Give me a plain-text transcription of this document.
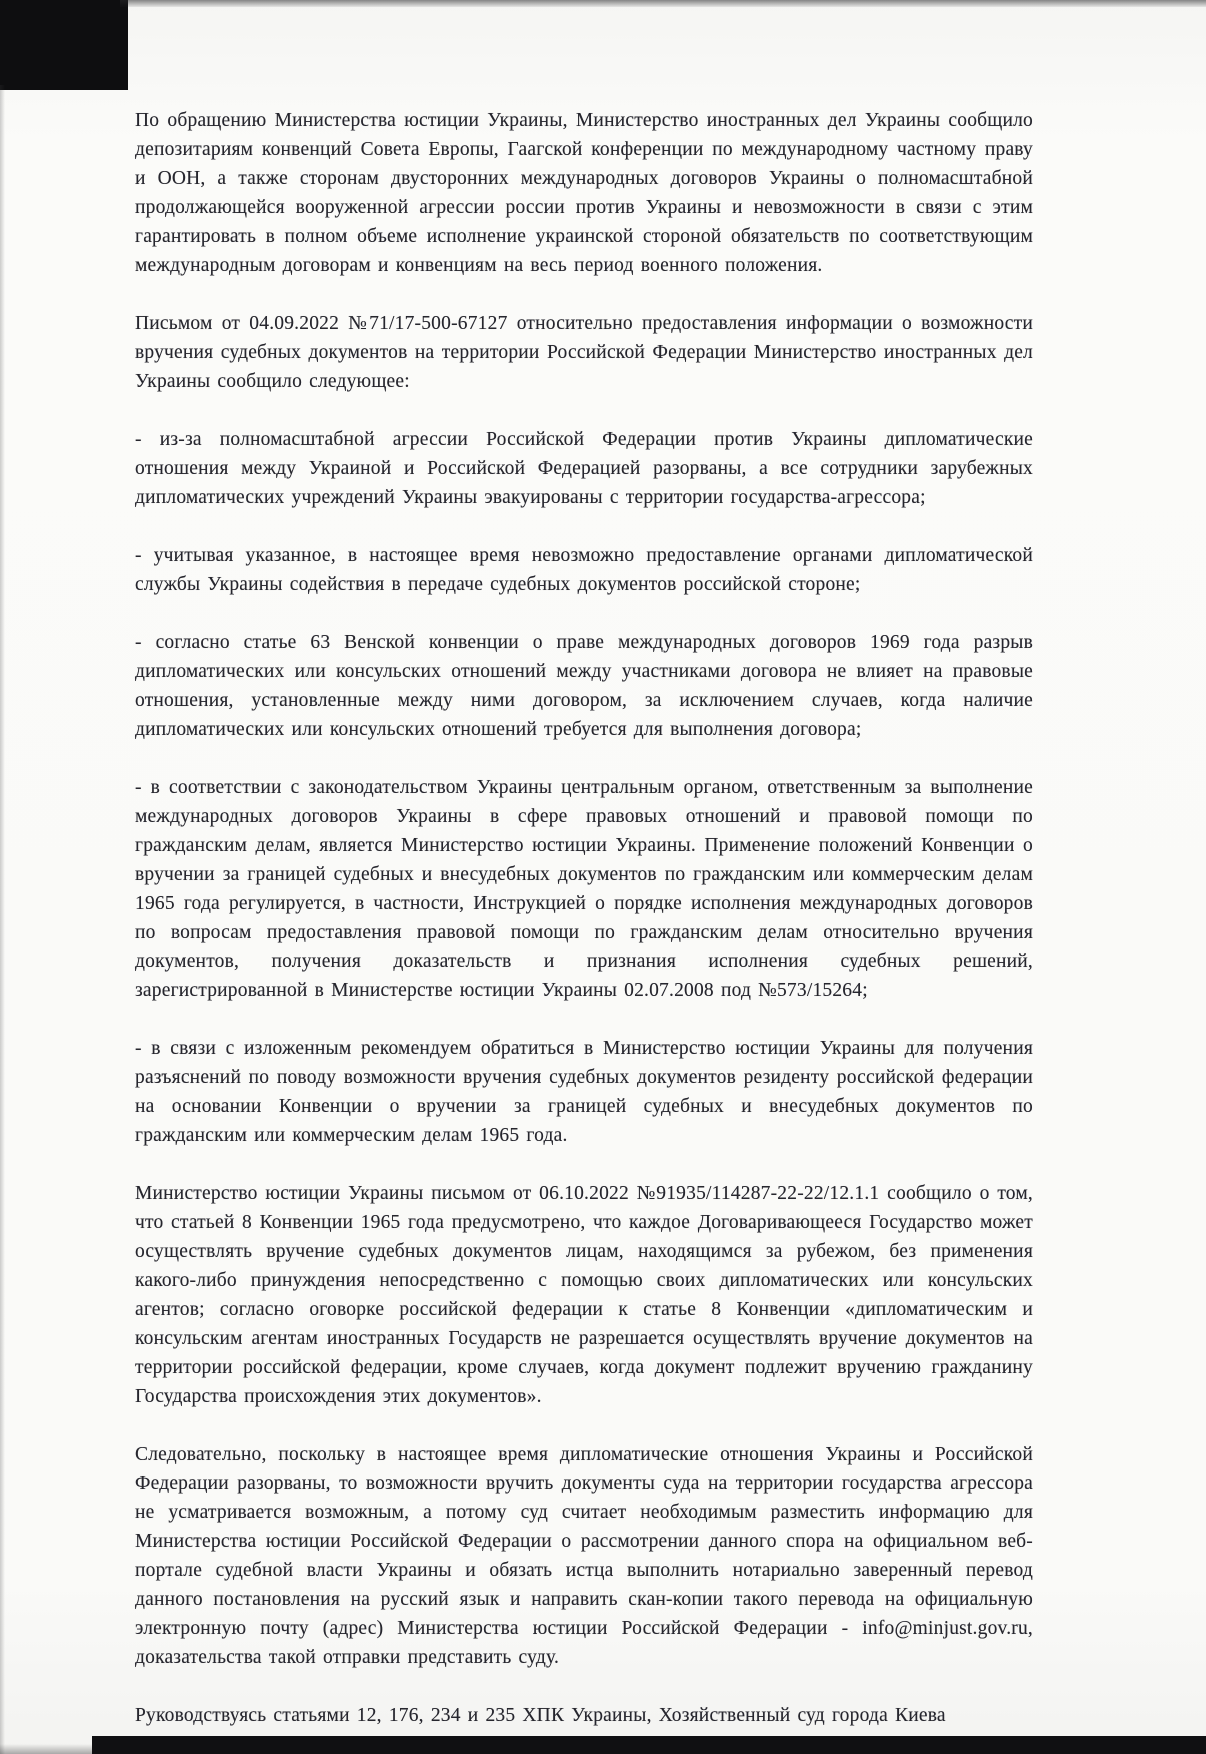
По обращению Министерства юстиции Украины, Министерство иностранных дел Украины сообщило депозитариям конвенций Совета Европы, Гаагской конференции по международному частному праву и ООН, а также сторонам двусторонних международных договоров Украины о полномасштабной продолжающейся вооруженной агрессии россии против Украины и невозможности в связи с этим гарантировать в полном объеме исполнение украинской стороной обязательств по соответствующим международным договорам и конвенциям на весь период военного положения.

Письмом от 04.09.2022 №71/17-500-67127 относительно предоставления информации о возможности вручения судебных документов на территории Российской Федерации Министерство иностранных дел Украины сообщило следующее:

- из-за полномасштабной агрессии Российской Федерации против Украины дипломатические отношения между Украиной и Российской Федерацией разорваны, а все сотрудники зарубежных дипломатических учреждений Украины эвакуированы с территории государства-агрессора;

- учитывая указанное, в настоящее время невозможно предоставление органами дипломатической службы Украины содействия в передаче судебных документов российской стороне;

- согласно статье 63 Венской конвенции о праве международных договоров 1969 года разрыв дипломатических или консульских отношений между участниками договора не влияет на правовые отношения, установленные между ними договором, за исключением случаев, когда наличие дипломатических или консульских отношений требуется для выполнения договора;

- в соответствии с законодательством Украины центральным органом, ответственным за выполнение международных договоров Украины в сфере правовых отношений и правовой помощи по гражданским делам, является Министерство юстиции Украины. Применение положений Конвенции о вручении за границей судебных и внесудебных документов по гражданским или коммерческим делам 1965 года регулируется, в частности, Инструкцией о порядке исполнения международных договоров по вопросам предоставления правовой помощи по гражданским делам относительно вручения документов, получения доказательств и признания исполнения судебных решений, зарегистрированной в Министерстве юстиции Украины 02.07.2008 под №573/15264;

- в связи с изложенным рекомендуем обратиться в Министерство юстиции Украины для получения разъяснений по поводу возможности вручения судебных документов резиденту российской федерации на основании Конвенции о вручении за границей судебных и внесудебных документов по гражданским или коммерческим делам 1965 года.

Министерство юстиции Украины письмом от 06.10.2022 №91935/114287-22-22/12.1.1 сообщило о том, что статьей 8 Конвенции 1965 года предусмотрено, что каждое Договаривающееся Государство может осуществлять вручение судебных документов лицам, находящимся за рубежом, без применения какого-либо принуждения непосредственно с помощью своих дипломатических или консульских агентов; согласно оговорке российской федерации к статье 8 Конвенции «дипломатическим и консульским агентам иностранных Государств не разрешается осуществлять вручение документов на территории российской федерации, кроме случаев, когда документ подлежит вручению гражданину Государства происхождения этих документов».

Следовательно, поскольку в настоящее время дипломатические отношения Украины и Российской Федерации разорваны, то возможности вручить документы суда на территории государства агрессора не усматривается возможным, а потому суд считает необходимым разместить информацию для Министерства юстиции Российской Федерации о рассмотрении данного спора на официальном веб-портале судебной власти Украины и обязать истца выполнить нотариально заверенный перевод данного постановления на русский язык и направить скан-копии такого перевода на официальную электронную почту (адрес) Министерства юстиции Российской Федерации - info@minjust.gov.ru, доказательства такой отправки представить суду.

Руководствуясь статьями 12, 176, 234 и 235 ХПК Украины, Хозяйственный суд города Киева
